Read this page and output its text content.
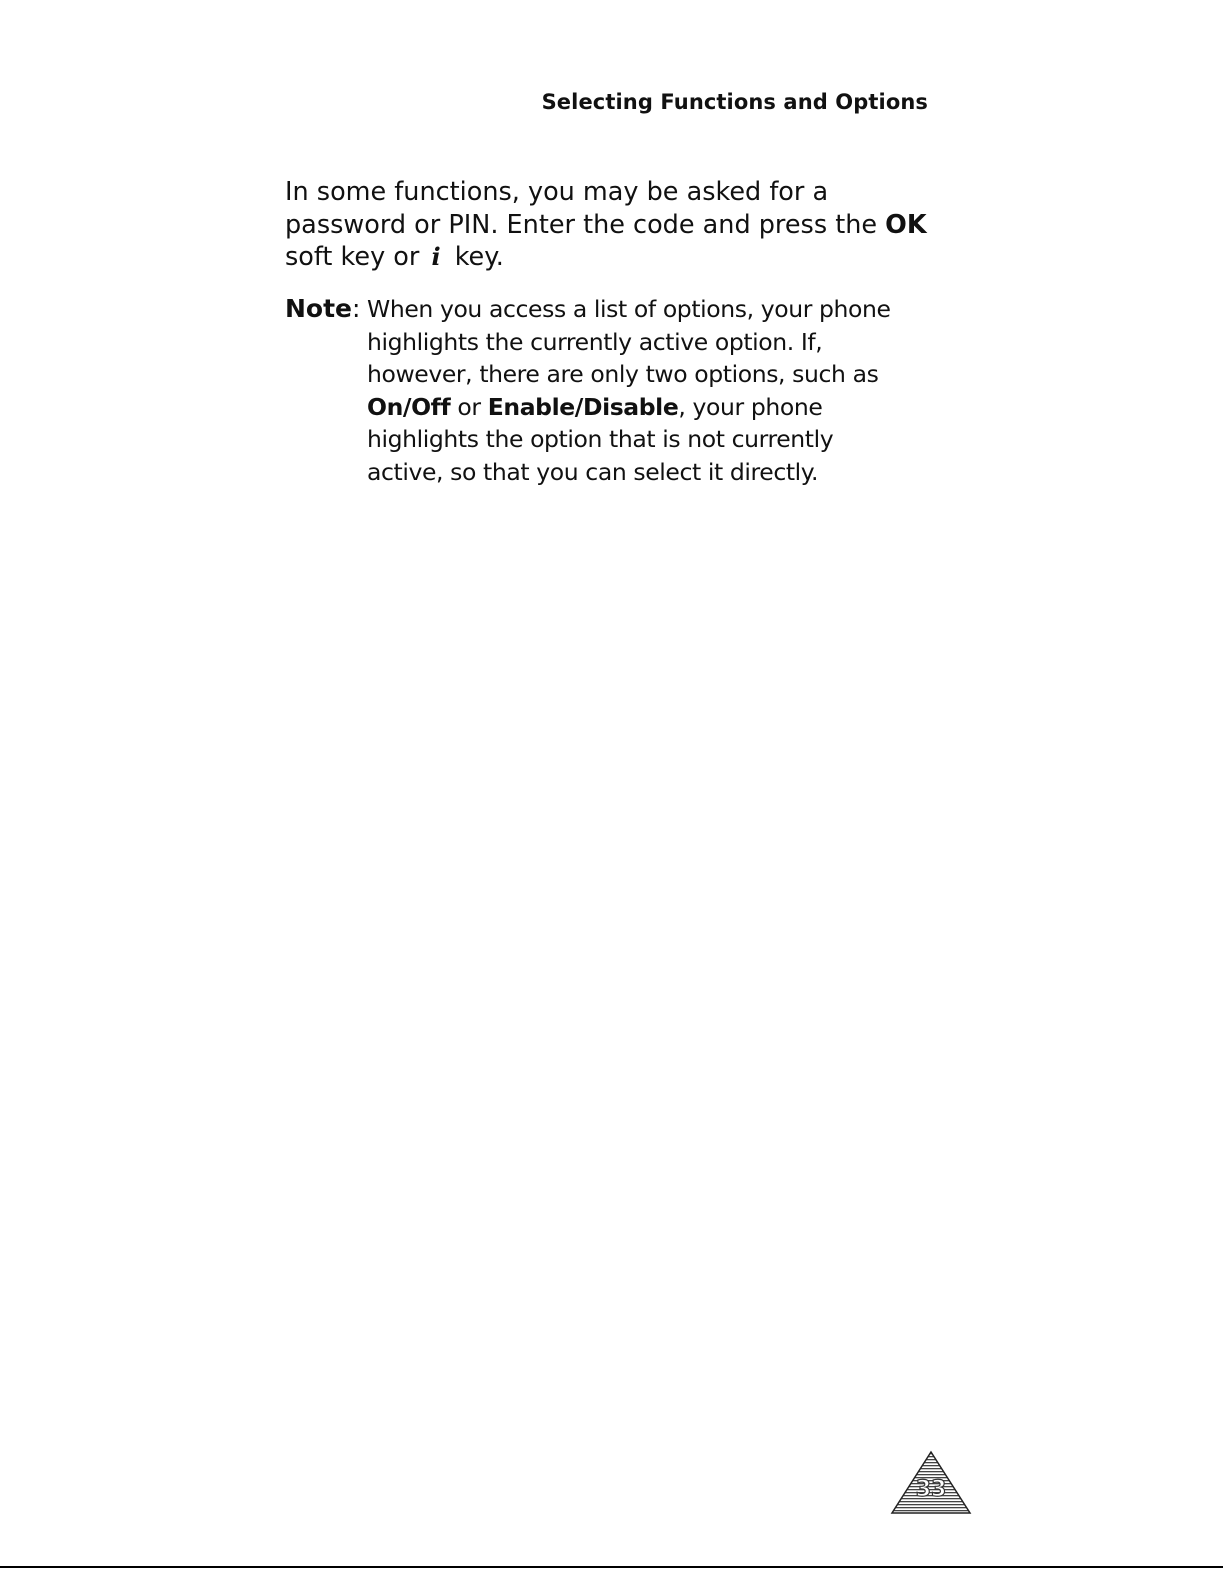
Selecting Functions and Options

In some functions, you may be asked for a
password or PIN. Enter the code and press the OK
soft key or i key.

Note: When you access a list of options, your phone
highlights the currently active option. If,
however, there are only two options, such as
On/Off or Enable/Disable, your phone
highlights the option that is not currently
active, so that you can select it directly.
33
